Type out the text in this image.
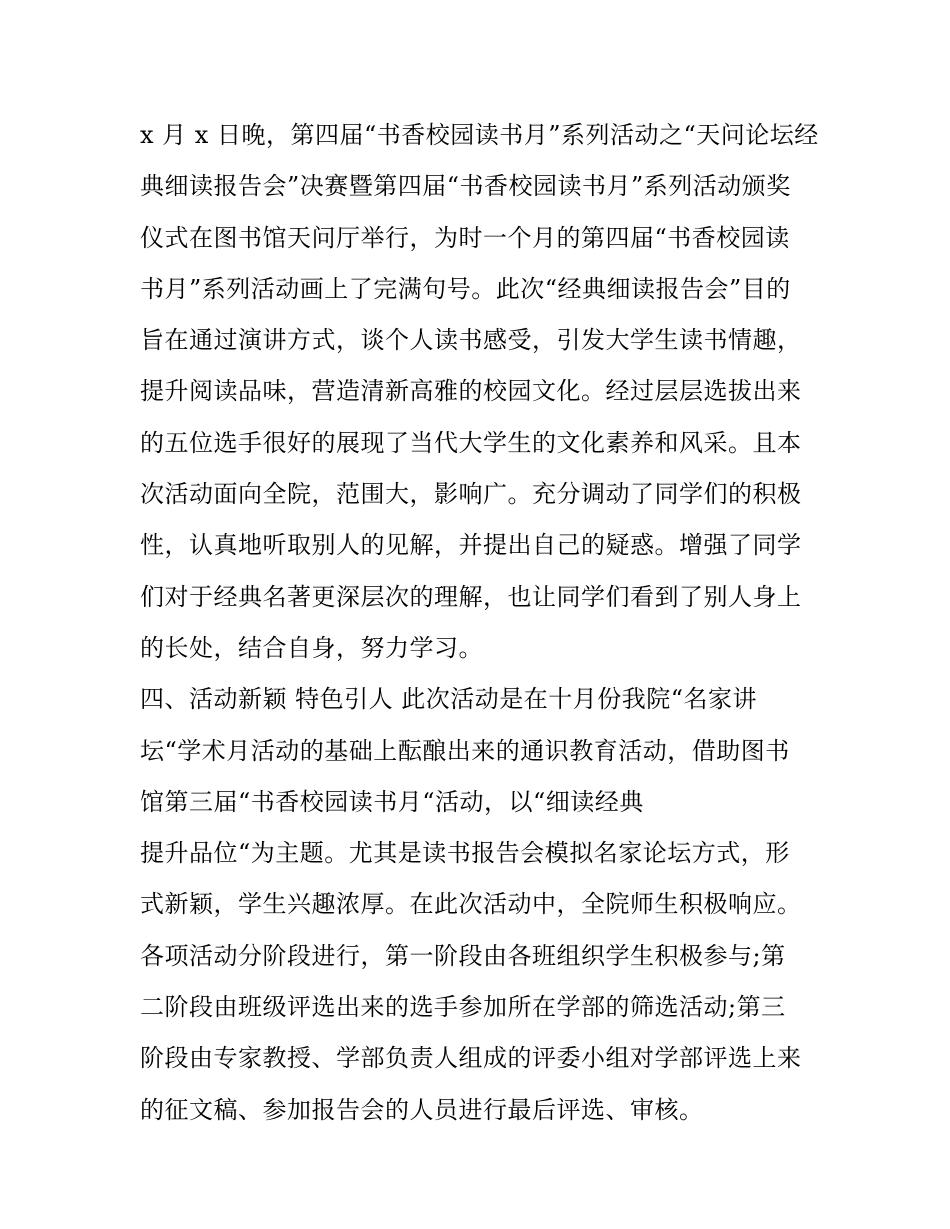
x 月 x 日晚，第四届“书香校园读书月”系列活动之“天问论坛经
典细读报告会”决赛暨第四届“书香校园读书月”系列活动颁奖
仪式在图书馆天问厅举行，为时一个月的第四届“书香校园读
书月”系列活动画上了完满句号。此次“经典细读报告会”目的
旨在通过演讲方式，谈个人读书感受，引发大学生读书情趣，
提升阅读品味，营造清新高雅的校园文化。经过层层选拔出来
的五位选手很好的展现了当代大学生的文化素养和风采。且本
次活动面向全院，范围大，影响广。充分调动了同学们的积极
性，认真地听取别人的见解，并提出自己的疑惑。增强了同学
们对于经典名著更深层次的理解，也让同学们看到了别人身上
的长处，结合自身，努力学习。
四、活动新颖 特色引人 此次活动是在十月份我院“名家讲
坛“学术月活动的基础上酝酿出来的通识教育活动，借助图书
馆第三届“书香校园读书月“活动，以“细读经典
提升品位“为主题。尤其是读书报告会模拟名家论坛方式，形
式新颖，学生兴趣浓厚。在此次活动中，全院师生积极响应。
各项活动分阶段进行，第一阶段由各班组织学生积极参与;第
二阶段由班级评选出来的选手参加所在学部的筛选活动;第三
阶段由专家教授、学部负责人组成的评委小组对学部评选上来
的征文稿、参加报告会的人员进行最后评选、审核。
